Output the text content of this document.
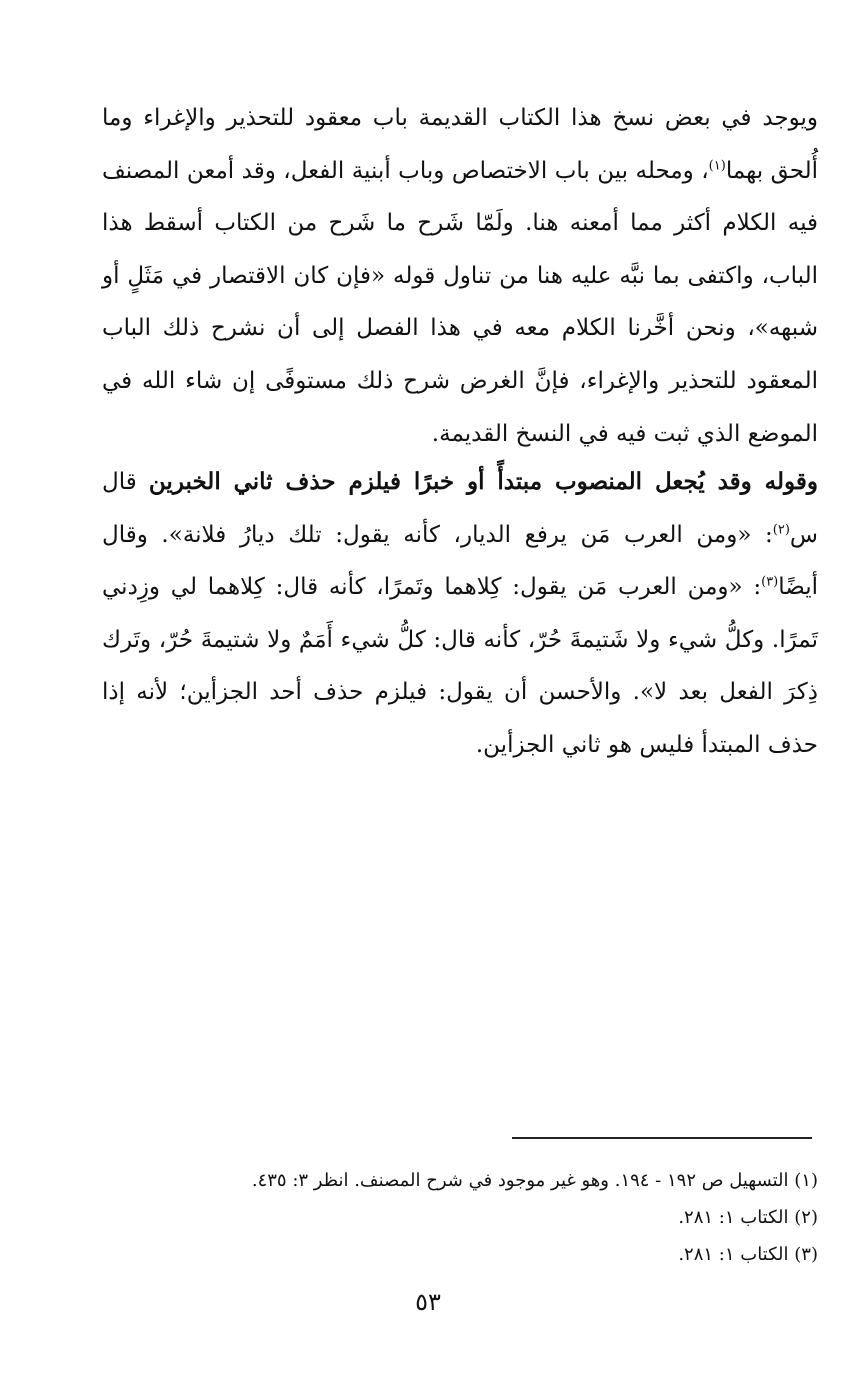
ويوجد في بعض نسخ هذا الكتاب القديمة باب معقود للتحذير والإغراء وما أُلحق بهما$^{(١)}$، ومحله بين باب الاختصاص وباب أبنية الفعل، وقد أمعن المصنف فيه الكلام أكثر مما أمعنه هنا. ولَمّا شَرح ما شَرح من الكتاب أسقط هذا الباب، واكتفى بما نبَّه عليه هنا من تناول قوله «فإن كان الاقتصار في مَثَلٍ أو شبهه»، ونحن أخَّرنا الكلام معه في هذا الفصل إلى أن نشرح ذلك الباب المعقود للتحذير والإغراء، فإنَّ الغرض شرح ذلك مستوفًى إن شاء الله في الموضع الذي ثبت فيه في النسخ القديمة.

وقوله وقد يُجعل المنصوب مبتدأً أو خبرًا فيلزم حذف ثاني الخبرين قال س$^{(٢)}$: «ومن العرب مَن يرفع الديار، كأنه يقول: تلك ديارُ فلانة». وقال أيضًا$^{(٣)}$: «ومن العرب مَن يقول: كِلاهما وتَمرًا، كأنه قال: كِلاهما لي وزِدني تَمرًا. وكلُّ شيء ولا شَتيمةَ حُرّ، كأنه قال: كلُّ شيء أَمَمٌ ولا شتيمةَ حُرّ، وتَرك ذِكرَ الفعل بعد لا». والأحسن أن يقول: فيلزم حذف أحد الجزأين؛ لأنه إذا حذف المبتدأ فليس هو ثاني الجزأين.

(١) التسهيل ص ١٩٢ - ١٩٤. وهو غير موجود في شرح المصنف. انظر ٣: ٤٣٥.
(٢) الكتاب ١: ٢٨١.
(٣) الكتاب ١: ٢٨١.
٥٣
